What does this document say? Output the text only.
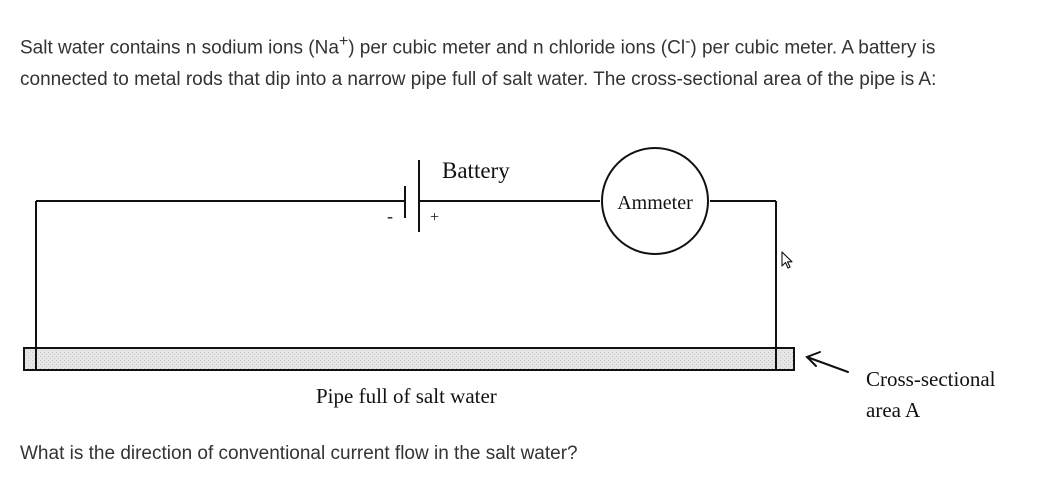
Salt water contains n sodium ions (Na+) per cubic meter and n chloride ions (Cl-) per cubic meter. A battery is connected to metal rods that dip into a narrow pipe full of salt water. The cross-sectional area of the pipe is A:
Battery
- +
Ammeter
Pipe full of salt water
Cross-sectional
area A
What is the direction of conventional current flow in the salt water?
